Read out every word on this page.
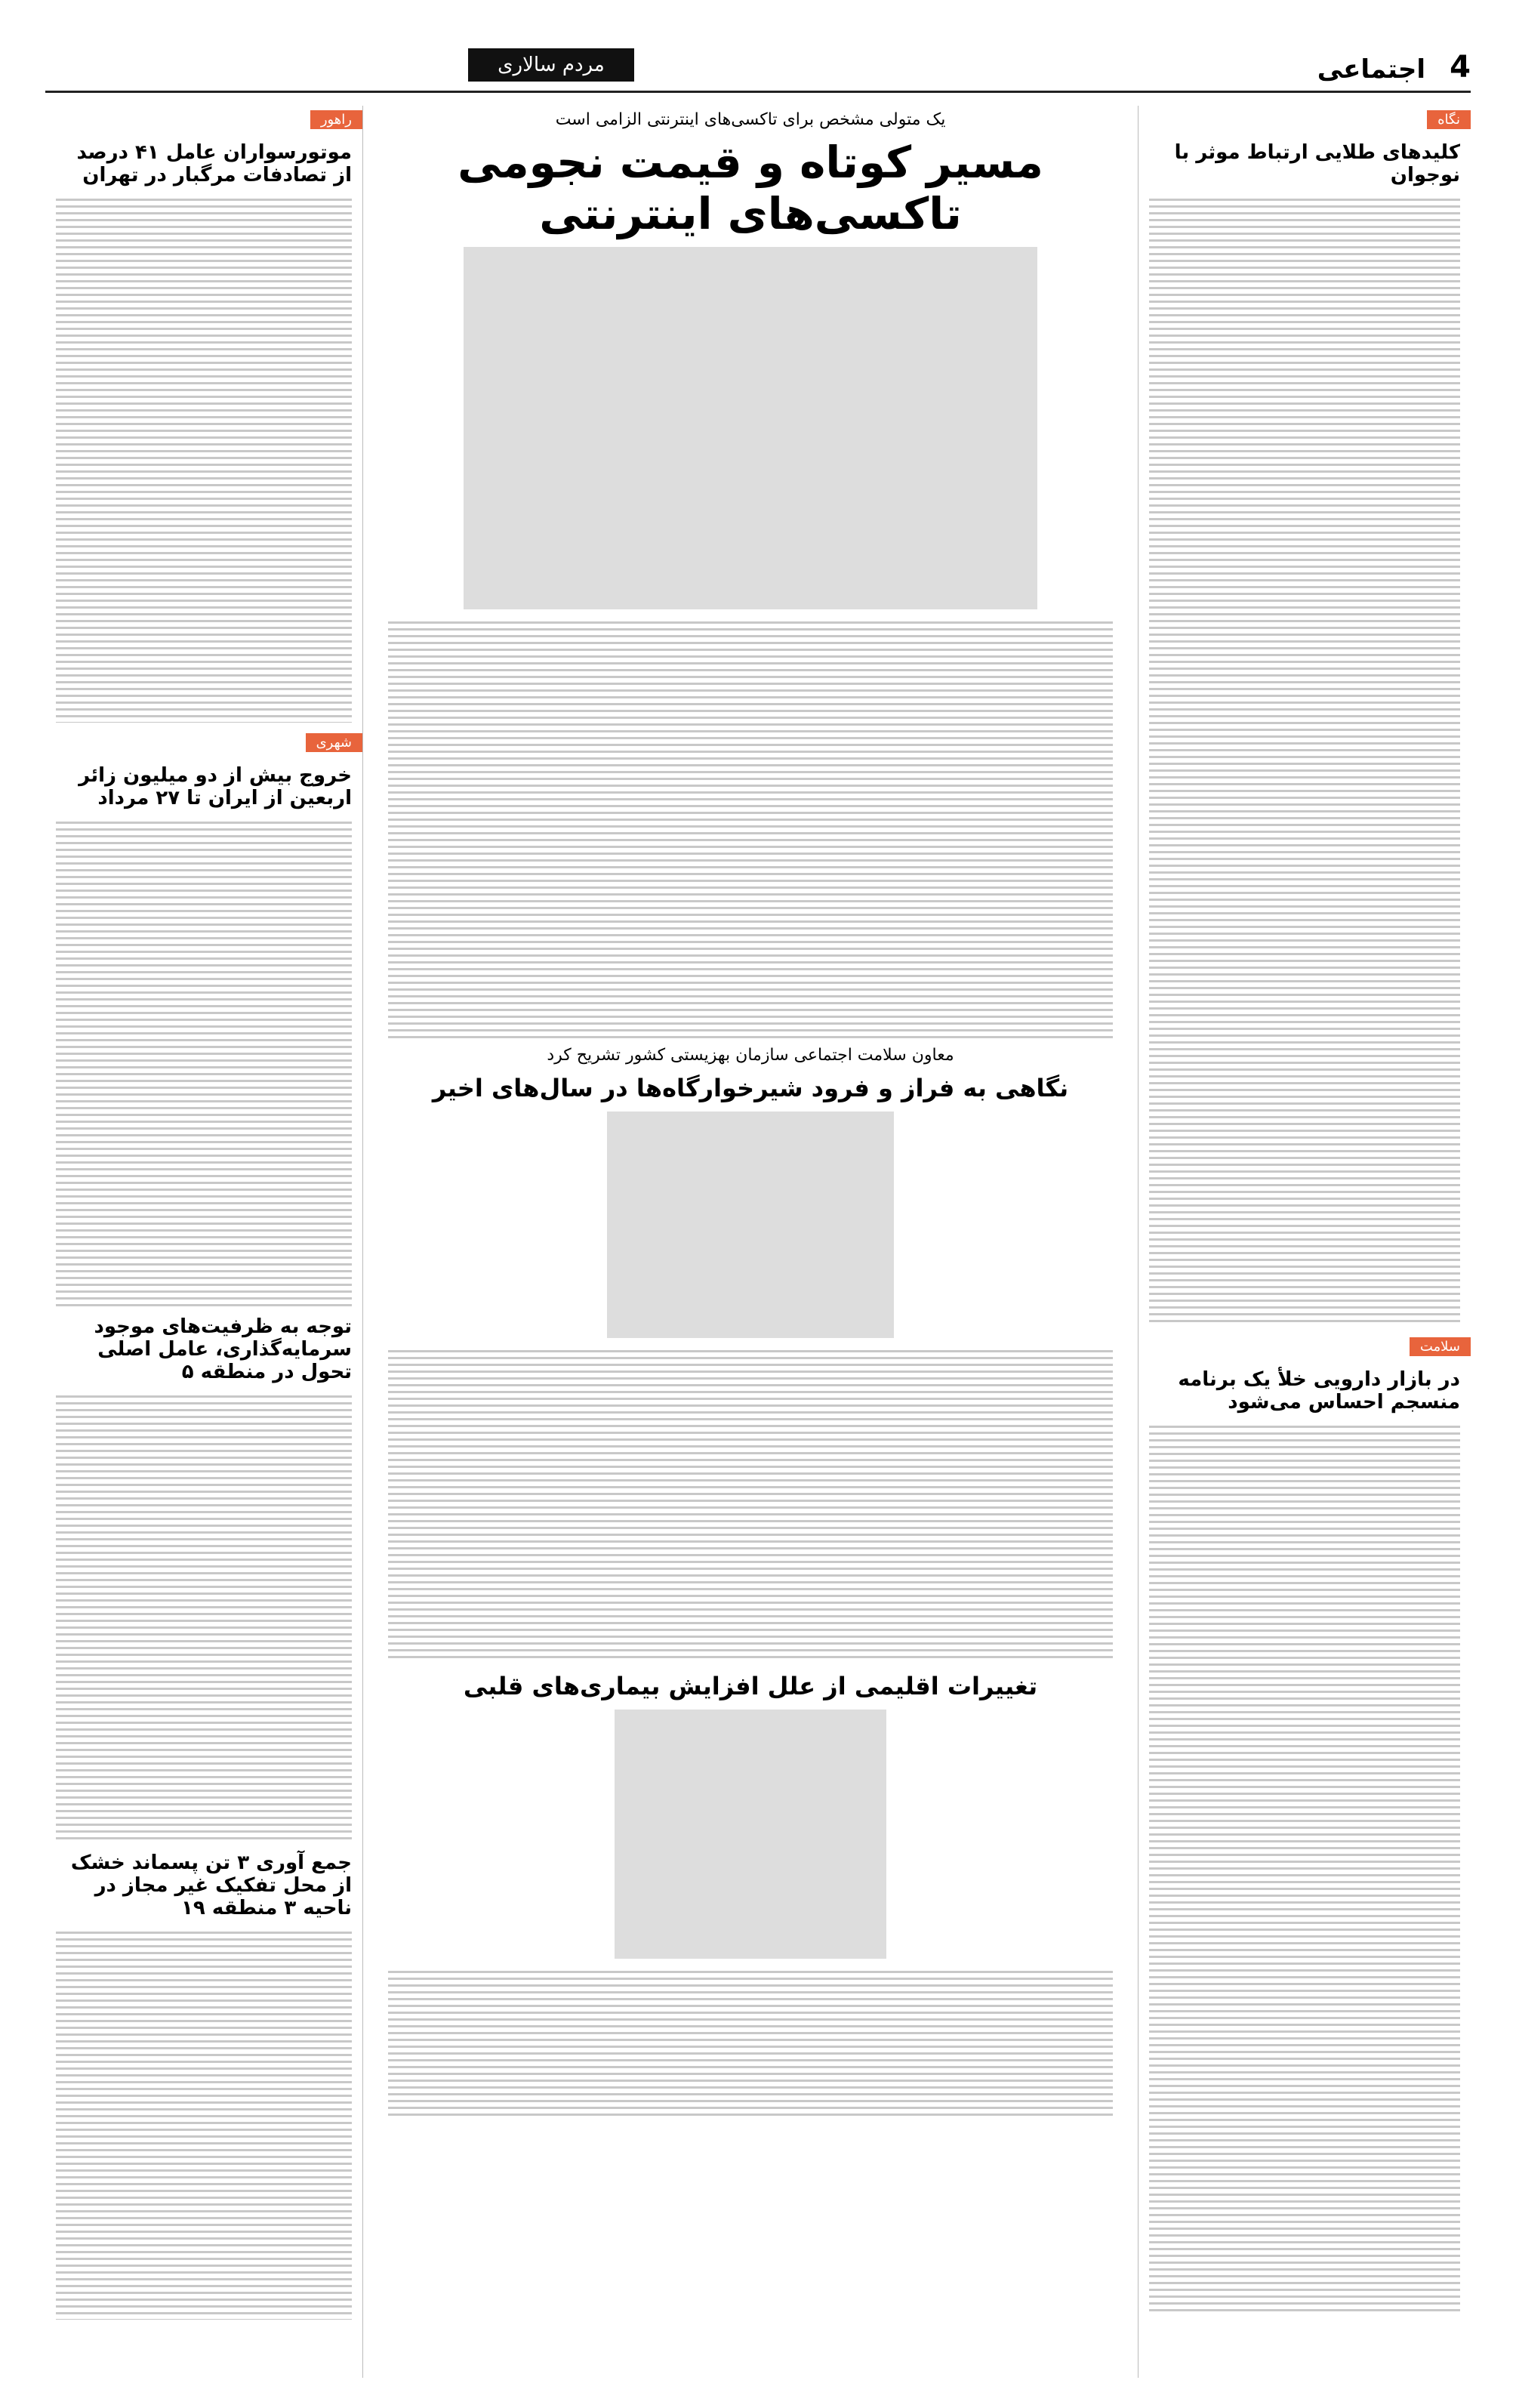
4
اجتماعی
مردم سالاری
نگاه
کلیدهای طلایی ارتباط موثر با نوجوان
سلامت
در بازار دارویی خلأ یک برنامه منسجم احساس می‌شود
یک متولی مشخص برای تاکسی‌های اینترنتی الزامی است
مسیر کوتاه و قیمت نجومی تاکسی‌های اینترنتی
معاون سلامت اجتماعی سازمان بهزیستی کشور تشریح کرد
نگاهی به فراز و فرود شیرخوارگاه‌ها در سال‌های اخیر
تغییرات اقلیمی از علل افزایش بیماری‌های قلبی
راهور
موتورسواران عامل ۴۱ درصد از تصادفات مرگبار در تهران
شهری
خروج بیش از دو میلیون زائر اربعین از ایران تا ۲۷ مرداد
توجه به ظرفیت‌های موجود سرمایه‌گذاری، عامل اصلی تحول در منطقه ۵
جمع آوری ۳ تن پسماند خشک از محل تفکیک غیر مجاز در ناحیه ۳ منطقه ۱۹
